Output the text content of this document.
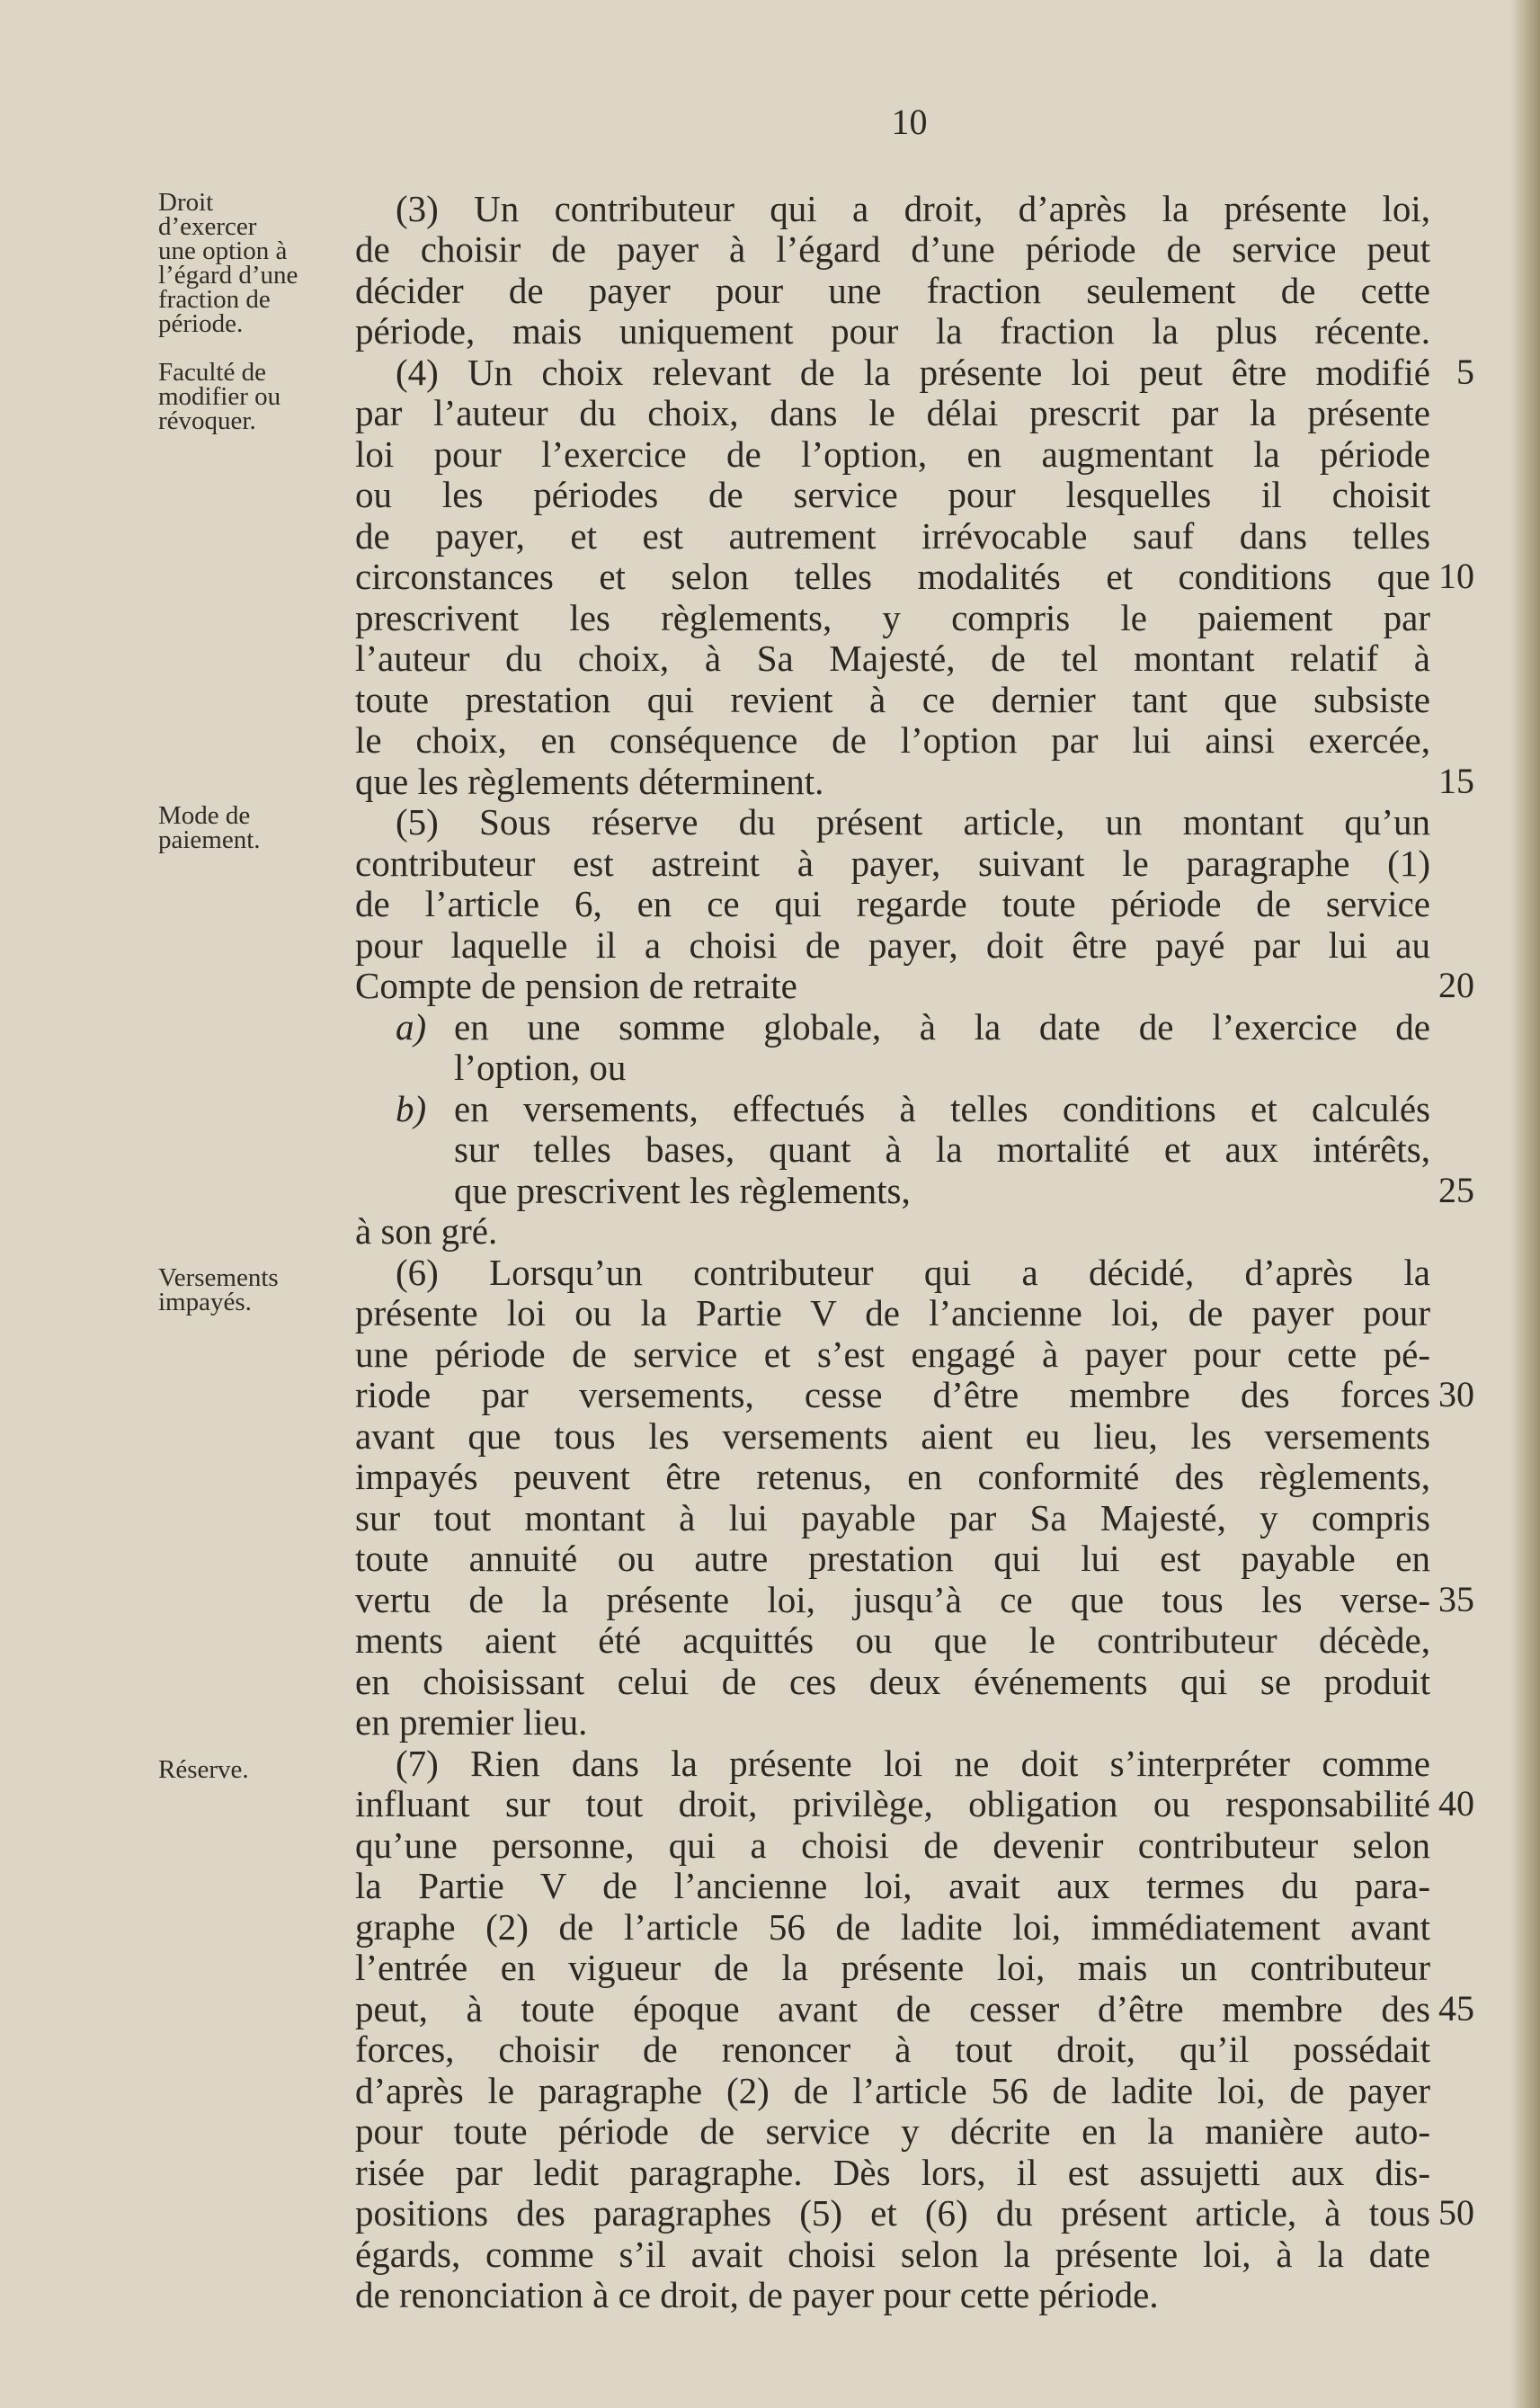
10
Droit
d’exercer
une option à
l’égard d’une
fraction de
période.
Faculté de
modifier ou
révoquer.
Mode de
paiement.
Versements
impayés.
Réserve.
(3) Un contributeur qui a droit, d’après la présente loi,
de choisir de payer à l’égard d’une période de service peut
décider de payer pour une fraction seulement de cette
période, mais uniquement pour la fraction la plus récente.
(4) Un choix relevant de la présente loi peut être modifié
par l’auteur du choix, dans le délai prescrit par la présente
loi pour l’exercice de l’option, en augmentant la période
ou les périodes de service pour lesquelles il choisit
de payer, et est autrement irrévocable sauf dans telles
circonstances et selon telles modalités et conditions que
prescrivent les règlements, y compris le paiement par
l’auteur du choix, à Sa Majesté, de tel montant relatif à
toute prestation qui revient à ce dernier tant que subsiste
le choix, en conséquence de l’option par lui ainsi exercée,
que les règlements déterminent.
(5) Sous réserve du présent article, un montant qu’un
contributeur est astreint à payer, suivant le paragraphe (1)
de l’article 6, en ce qui regarde toute période de service
pour laquelle il a choisi de payer, doit être payé par lui au
Compte de pension de retraite
a) en une somme globale, à la date de l’exercice de
l’option, ou
b) en versements, effectués à telles conditions et calculés
sur telles bases, quant à la mortalité et aux intérêts,
que prescrivent les règlements,
à son gré.
(6) Lorsqu’un contributeur qui a décidé, d’après la
présente loi ou la Partie V de l’ancienne loi, de payer pour
une période de service et s’est engagé à payer pour cette pé-
riode par versements, cesse d’être membre des forces
avant que tous les versements aient eu lieu, les versements
impayés peuvent être retenus, en conformité des règlements,
sur tout montant à lui payable par Sa Majesté, y compris
toute annuité ou autre prestation qui lui est payable en
vertu de la présente loi, jusqu’à ce que tous les verse-
ments aient été acquittés ou que le contributeur décède,
en choisissant celui de ces deux événements qui se produit
en premier lieu.
(7) Rien dans la présente loi ne doit s’interpréter comme
influant sur tout droit, privilège, obligation ou responsabilité
qu’une personne, qui a choisi de devenir contributeur selon
la Partie V de l’ancienne loi, avait aux termes du para-
graphe (2) de l’article 56 de ladite loi, immédiatement avant
l’entrée en vigueur de la présente loi, mais un contributeur
peut, à toute époque avant de cesser d’être membre des
forces, choisir de renoncer à tout droit, qu’il possédait
d’après le paragraphe (2) de l’article 56 de ladite loi, de payer
pour toute période de service y décrite en la manière auto-
risée par ledit paragraphe. Dès lors, il est assujetti aux dis-
positions des paragraphes (5) et (6) du présent article, à tous
égards, comme s’il avait choisi selon la présente loi, à la date
de renonciation à ce droit, de payer pour cette période.
5
10
15
20
25
30
35
40
45
50
